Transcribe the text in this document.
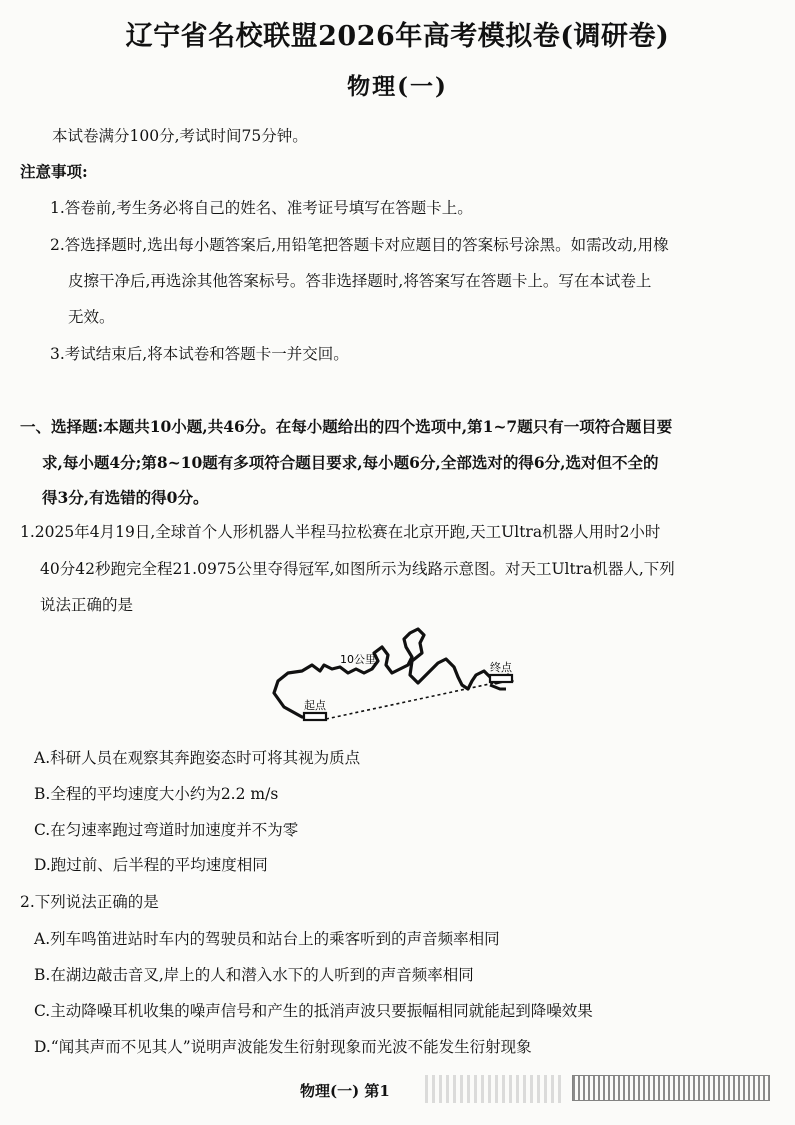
辽宁省名校联盟2026年高考模拟卷(调研卷)
物理(一)
本试卷满分100分,考试时间75分钟。
注意事项:
1.答卷前,考生务必将自己的姓名、准考证号填写在答题卡上。
2.答选择题时,选出每小题答案后,用铅笔把答题卡对应题目的答案标号涂黑。如需改动,用橡
皮擦干净后,再选涂其他答案标号。答非选择题时,将答案写在答题卡上。写在本试卷上
无效。
3.考试结束后,将本试卷和答题卡一并交回。
一、选择题:本题共10小题,共46分。在每小题给出的四个选项中,第1~7题只有一项符合题目要
求,每小题4分;第8~10题有多项符合题目要求,每小题6分,全部选对的得6分,选对但不全的
得3分,有选错的得0分。
1.2025年4月19日,全球首个人形机器人半程马拉松赛在北京开跑,天工Ultra机器人用时2小时
40分42秒跑完全程21.0975公里夺得冠军,如图所示为线路示意图。对天工Ultra机器人,下列
说法正确的是
10公里
起点
终点
A.科研人员在观察其奔跑姿态时可将其视为质点
B.全程的平均速度大小约为2.2 m/s
C.在匀速率跑过弯道时加速度并不为零
D.跑过前、后半程的平均速度相同
2.下列说法正确的是
A.列车鸣笛进站时车内的驾驶员和站台上的乘客听到的声音频率相同
B.在湖边敲击音叉,岸上的人和潜入水下的人听到的声音频率相同
C.主动降噪耳机收集的噪声信号和产生的抵消声波只要振幅相同就能起到降噪效果
D.“闻其声而不见其人”说明声波能发生衍射现象而光波不能发生衍射现象
物理(一) 第1
